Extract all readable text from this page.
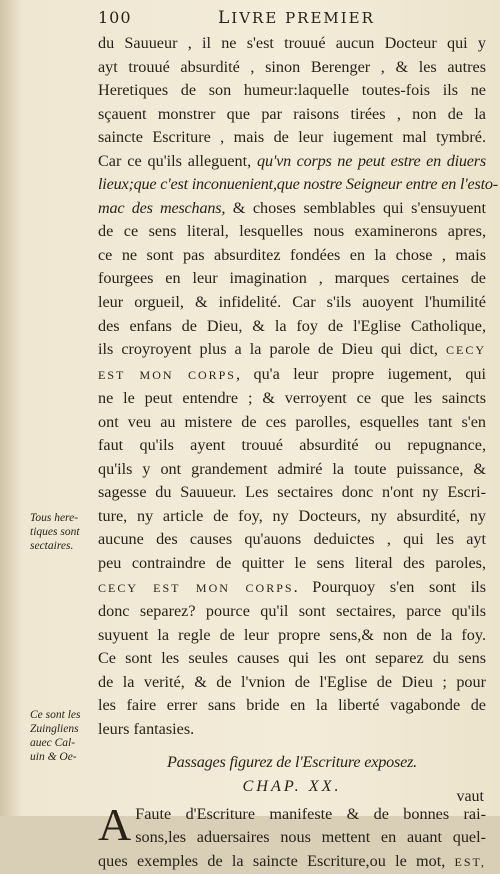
100	LIVRE PREMIER
du Sauueur , il ne s'est trouué aucun Docteur qui y
ayt trouué absurdité , sinon Berenger , & les autres
Heretiques de son humeur:laquelle toutes-fois ils ne
sçauent monstrer que par raisons tirées , non de la
saincte Escriture , mais de leur iugement mal tymbré.
Car ce qu'ils alleguent, qu'vn corps ne peut estre en diuers
lieux;que c'est inconuenient,que nostre Seigneur entre en l'esto-
mac des meschans, & choses semblables qui s'ensuyuent
de ce sens literal, lesquelles nous examinerons apres,
ce ne sont pas absurditez fondées en la chose , mais
fourgees en leur imagination , marques certaines de
leur orgueil, & infidelité. Car s'ils auoyent l'humilité
des enfans de Dieu, & la foy de l'Eglise Catholique,
ils croyroyent plus a la parole de Dieu qui dict, CECY
EST MON CORPS, qu'a leur propre iugement, qui
ne le peut entendre ; & verroyent ce que les saincts
ont veu au mistere de ces parolles, esquelles tant s'en
faut qu'ils ayent trouué absurdité ou repugnance,
qu'ils y ont grandement admiré la toute puissance, &
sagesse du Sauueur. Les sectaires donc n'ont ny Escri-
ture, ny article de foy, ny Docteurs, ny absurdité, ny
aucune des causes qu'auons deduictes , qui les ayt
peu contraindre de quitter le sens literal des paroles,
CECY EST MON CORPS. Pourquoy s'en sont ils
donc separez? pource qu'il sont sectaires, parce qu'ils
suyuent la regle de leur propre sens,& non de la foy.
Ce sont les seules causes qui les ont separez du sens
de la verité, & de l'vnion de l'Eglise de Dieu ; pour
les faire errer sans bride en la liberté vagabonde de
leurs fantasies.
Passages figurez de l'Escriture exposez.
CHAP. XX.
A Faute d'Escriture manifeste & de bonnes rai-
sons,les aduersaires nous mettent en auant quel-
ques exemples de la saincte Escriture,ou le mot, EST,
Tous here-
tiques sont
sectaires.
Ce sont les
Zuingliens
auec Cal-
uin & Oe-
vaut
